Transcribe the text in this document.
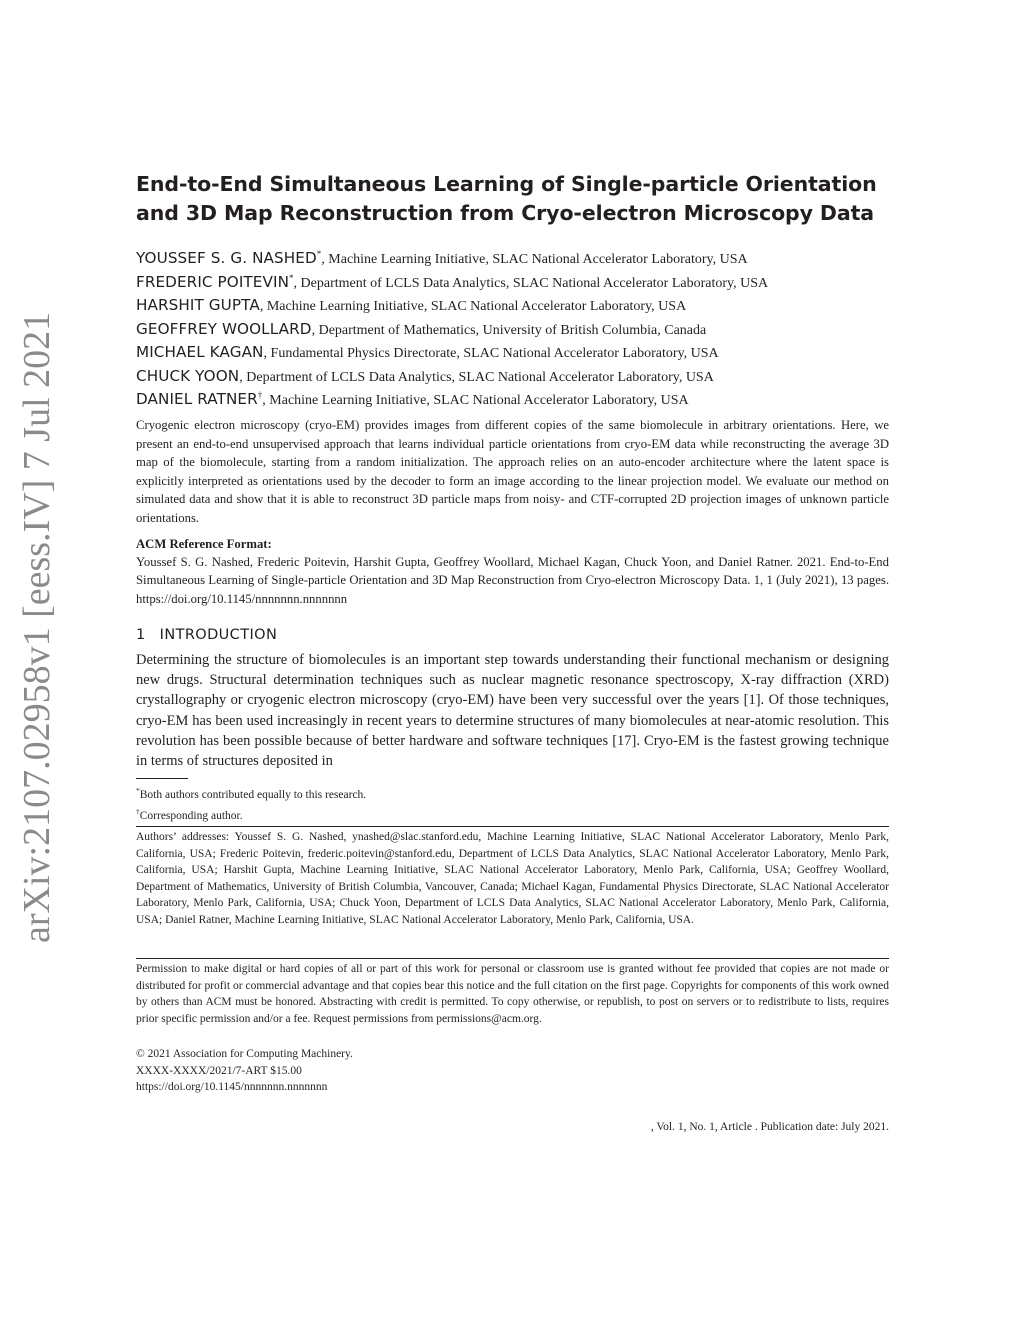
arXiv:2107.02958v1 [eess.IV] 7 Jul 2021
End-to-End Simultaneous Learning of Single-particle Orientation
and 3D Map Reconstruction from Cryo-electron Microscopy Data
YOUSSEF S. G. NASHED*, Machine Learning Initiative, SLAC National Accelerator Laboratory, USA
FREDERIC POITEVIN*, Department of LCLS Data Analytics, SLAC National Accelerator Laboratory, USA
HARSHIT GUPTA, Machine Learning Initiative, SLAC National Accelerator Laboratory, USA
GEOFFREY WOOLLARD, Department of Mathematics, University of British Columbia, Canada
MICHAEL KAGAN, Fundamental Physics Directorate, SLAC National Accelerator Laboratory, USA
CHUCK YOON, Department of LCLS Data Analytics, SLAC National Accelerator Laboratory, USA
DANIEL RATNER†, Machine Learning Initiative, SLAC National Accelerator Laboratory, USA
Cryogenic electron microscopy (cryo-EM) provides images from different copies of the same biomolecule in arbitrary orientations. Here, we present an end-to-end unsupervised approach that learns individual particle orientations from cryo-EM data while reconstructing the average 3D map of the biomolecule, starting from a random initialization. The approach relies on an auto-encoder architecture where the latent space is explicitly interpreted as orientations used by the decoder to form an image according to the linear projection model. We evaluate our method on simulated data and show that it is able to reconstruct 3D particle maps from noisy- and CTF-corrupted 2D projection images of unknown particle orientations.
ACM Reference Format:
Youssef S. G. Nashed, Frederic Poitevin, Harshit Gupta, Geoffrey Woollard, Michael Kagan, Chuck Yoon, and Daniel Ratner. 2021. End-to-End Simultaneous Learning of Single-particle Orientation and 3D Map Reconstruction from Cryo-electron Microscopy Data. 1, 1 (July 2021), 13 pages. https://doi.org/10.1145/nnnnnnn.nnnnnnn
1 INTRODUCTION
Determining the structure of biomolecules is an important step towards understanding their functional mechanism or designing new drugs. Structural determination techniques such as nuclear magnetic resonance spectroscopy, X-ray diffraction (XRD) crystallography or cryogenic electron microscopy (cryo-EM) have been very successful over the years [1]. Of those techniques, cryo-EM has been used increasingly in recent years to determine structures of many biomolecules at near-atomic resolution. This revolution has been possible because of better hardware and software techniques [17]. Cryo-EM is the fastest growing technique in terms of structures deposited in
*Both authors contributed equally to this research.
†Corresponding author.
Authors’ addresses: Youssef S. G. Nashed, ynashed@slac.stanford.edu, Machine Learning Initiative, SLAC National Accelerator Laboratory, Menlo Park, California, USA; Frederic Poitevin, frederic.poitevin@stanford.edu, Department of LCLS Data Analytics, SLAC National Accelerator Laboratory, Menlo Park, California, USA; Harshit Gupta, Machine Learning Initiative, SLAC National Accelerator Laboratory, Menlo Park, California, USA; Geoffrey Woollard, Department of Mathematics, University of British Columbia, Vancouver, Canada; Michael Kagan, Fundamental Physics Directorate, SLAC National Accelerator Laboratory, Menlo Park, California, USA; Chuck Yoon, Department of LCLS Data Analytics, SLAC National Accelerator Laboratory, Menlo Park, California, USA; Daniel Ratner, Machine Learning Initiative, SLAC National Accelerator Laboratory, Menlo Park, California, USA.
Permission to make digital or hard copies of all or part of this work for personal or classroom use is granted without fee provided that copies are not made or distributed for profit or commercial advantage and that copies bear this notice and the full citation on the first page. Copyrights for components of this work owned by others than ACM must be honored. Abstracting with credit is permitted. To copy otherwise, or republish, to post on servers or to redistribute to lists, requires prior specific permission and/or a fee. Request permissions from permissions@acm.org.
© 2021 Association for Computing Machinery.
XXXX-XXXX/2021/7-ART $15.00
https://doi.org/10.1145/nnnnnnn.nnnnnnn
, Vol. 1, No. 1, Article . Publication date: July 2021.
